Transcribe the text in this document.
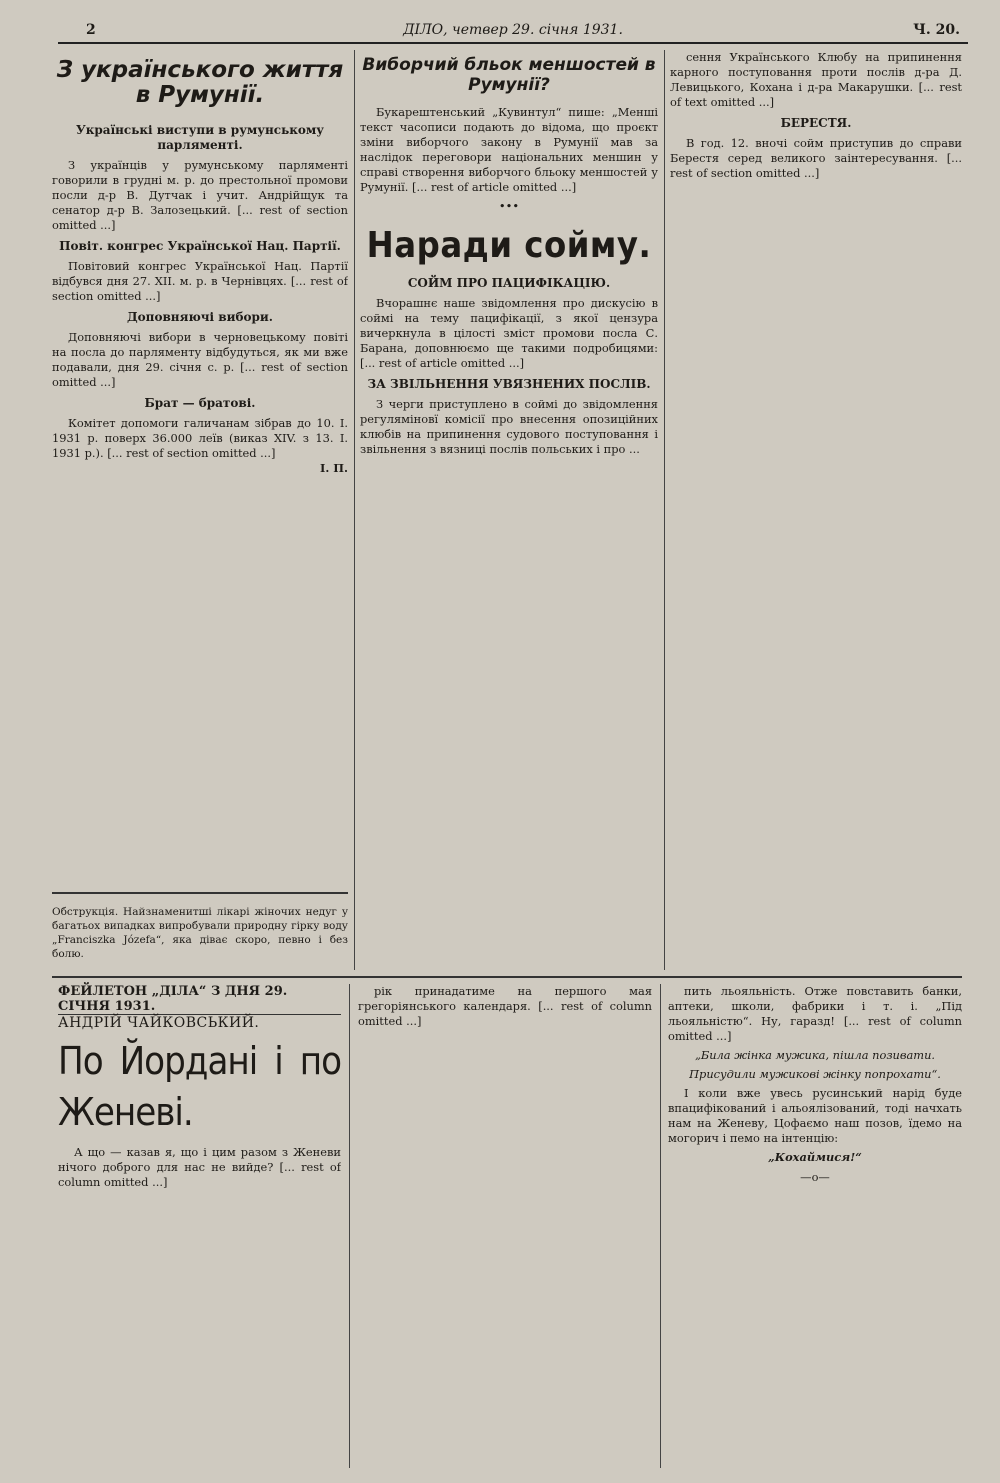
2	ДІЛО, четвер 29. січня 1931.	Ч. 20.
З українського життя в Румунії.
Українські виступи в румунському парляменті.

З українців у румунському парляменті говорили в грудні м. р. до престольної промови посли д-р В. Дутчак і учит. Андрійщук та сенатор д-р В. Залозецький. [... rest of section omitted ...]

Повіт. конгрес Української Нац. Партії.

Повітовий конгрес Української Нац. Партії відбувся дня 27. XII. м. р. в Чернівцях. [... rest of section omitted ...]

Доповняючі вибори.

Доповняючі вибори в черновецькому повіті на посла до парляменту відбудуться, як ми вже подавали, дня 29. січня с. р. [... rest of section omitted ...]

Брат — братові.

Комітет допомоги галичанам зібрав до 10. І. 1931 р. поверх 36.000 леїв (виказ XIV. з 13. І. 1931 р.). [... rest of section omitted ...]

І. П.
Обструкція. Найзнаменитші лікарі жіночих недуг у багатьох випадках випробували природну гірку воду „Franciszka Józefa“, яка діває скоро, певно і без болю.
Виборчий бльок меншостей в Румунії?

Букарештенський „Кувинтул“ пише: „Менші текст часописи подають до відома, що проєкт зміни виборчого закону в Румунії мав за наслідок переговори національних меншин у справі створення виборчого бльоку меншостей у Румунії. [... rest of article omitted ...]

•••
Наради сойму.
СОЙМ ПРО ПАЦИФІКАЦІЮ.

Вчорашнє наше звідомлення про дискусію в соймі на тему пацифікації, з якої цензура вичеркнула в цілості зміст промови посла С. Барана, доповнюємо ще такими подробицями: [... rest of article omitted ...]

ЗА ЗВІЛЬНЕННЯ УВЯЗНЕНИХ ПОСЛІВ.

З черги приступлено в соймі до звідомлення регуляміновї комісії про внесення опозиційних клюбів на припинення судового поступовання і звільнення з вязниці послів польських і про ...

сення Українського Клюбу на припинення карного поступовання проти послів д-ра Д. Левицького, Кохана і д-ра Макарушки. [... rest of text omitted ...]

БЕРЕСТЯ.

В год. 12. вночі сойм приступив до справи Берестя серед великого заінтересування. [... rest of section omitted ...]

ФЕЙЛЕТОН „ДІЛА“ З ДНЯ 29. СІЧНЯ 1931.
АНДРІЙ ЧАЙКОВСЬКИЙ.
По Йордані і по Женеві.

А що — казав я, що і цим разом з Женеви нічого доброго для нас не вийде? [... rest of column omitted ...]

рік принадатиме на першого мая грегоріянського календаря. [... rest of column omitted ...]

пить льояльність. Отже повставить банки, аптеки, школи, фабрики і т. і. „Під льояльністю“. Ну, гаразд! [... rest of column omitted ...]

„Била жінка мужика, пішла позивати.
Присудили мужикові жінку попрохати“.

І коли вже увесь русинський нарід буде впацифікований і альоялізований, тоді начхать нам на Женеву, Цофаємо наш позов, їдемо на могорич і пемо на інтенцію:

„Кохаймися!“
—о—
